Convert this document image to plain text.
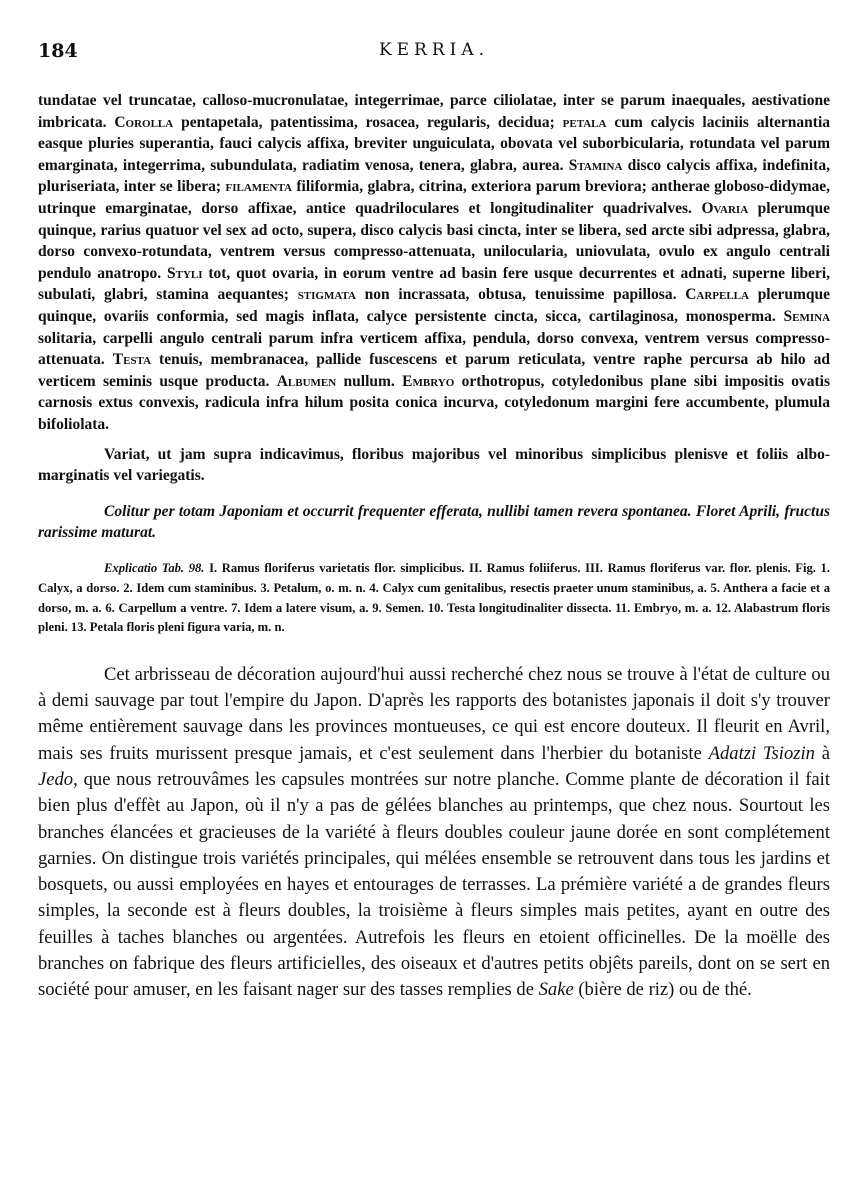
184	KERRIA.

tundatae vel truncatae, calloso-mucronulatae, integerrimae, parce ciliolatae, inter se parum inaequales, aestivatione imbricata. Corolla pentapetala, patentissima, rosacea, regularis, decidua; petala cum calycis laciniis alternantia easque pluries superantia, fauci calycis affixa, breviter unguiculata, obovata vel suborbicularia, rotundata vel parum emarginata, integerrima, subundulata, radiatim venosa, tenera, glabra, aurea. Stamina disco calycis affixa, indefinita, pluriseriata, inter se libera; filamenta filiformia, glabra, citrina, exteriora parum breviora; antherae globoso-didymae, utrinque emarginatae, dorso affixae, antice quadriloculares et longitudinaliter quadrivalves. Ovaria plerumque quinque, rarius quatuor vel sex ad octo, supera, disco calycis basi cincta, inter se libera, sed arcte sibi adpressa, glabra, dorso convexo-rotundata, ventrem versus compresso-attenuata, unilocularia, uniovulata, ovulo ex angulo centrali pendulo anatropo. Styli tot, quot ovaria, in eorum ventre ad basin fere usque decurrentes et adnati, superne liberi, subulati, glabri, stamina aequantes; stigmata non incrassata, obtusa, tenuissime papillosa. Carpella plerumque quinque, ovariis conformia, sed magis inflata, calyce persistente cincta, sicca, cartilaginosa, monosperma. Semina solitaria, carpelli angulo centrali parum infra verticem affixa, pendula, dorso convexa, ventrem versus compresso-attenuata. Testa tenuis, membranacea, pallide fuscescens et parum reticulata, ventre raphe percursa ab hilo ad verticem seminis usque producta. Albumen nullum. Embryo orthotropus, cotyledonibus plane sibi impositis ovatis carnosis extus convexis, radicula infra hilum posita conica incurva, cotyledonum margini fere accumbente, plumula bifoliolata.

Variat, ut jam supra indicavimus, floribus majoribus vel minoribus simplicibus plenisve et foliis albo-marginatis vel variegatis.

Colitur per totam Japoniam et occurrit frequenter efferata, nullibi tamen revera spontanea. Floret Aprili, fructus rarissime maturat.

Explicatio Tab. 98. I. Ramus floriferus varietatis flor. simplicibus. II. Ramus foliiferus. III. Ramus floriferus var. flor. plenis. Fig. 1. Calyx, a dorso. 2. Idem cum staminibus. 3. Petalum, o. m. n. 4. Calyx cum genitalibus, resectis praeter unum staminibus, a. 5. Anthera a facie et a dorso, m. a. 6. Carpellum a ventre. 7. Idem a latere visum, a. 9. Semen. 10. Testa longitudinaliter dissecta. 11. Embryo, m. a. 12. Alabastrum floris pleni. 13. Petala floris pleni figura varia, m. n.

Cet arbrisseau de décoration aujourd'hui aussi recherché chez nous se trouve à l'état de culture ou à demi sauvage par tout l'empire du Japon. D'après les rapports des botanistes japonais il doit s'y trouver même entièrement sauvage dans les provinces montueuses, ce qui est encore douteux. Il fleurit en Avril, mais ses fruits murissent presque jamais, et c'est seulement dans l'herbier du botaniste Adatzi Tsiozin à Jedo, que nous retrouvâmes les capsules montrées sur notre planche. Comme plante de décoration il fait bien plus d'effèt au Japon, où il n'y a pas de gélées blanches au printemps, que chez nous. Sourtout les branches élancées et gracieuses de la variété à fleurs doubles couleur jaune dorée en sont complétement garnies. On distingue trois variétés principales, qui mélées ensemble se retrouvent dans tous les jardins et bosquets, ou aussi employées en hayes et entourages de terrasses. La prémière variété a de grandes fleurs simples, la seconde est à fleurs doubles, la troisième à fleurs simples mais petites, ayant en outre des feuilles à taches blanches ou argentées. Autrefois les fleurs en etoient officinelles. De la moëlle des branches on fabrique des fleurs artificielles, des oiseaux et d'autres petits objêts pareils, dont on se sert en société pour amuser, en les faisant nager sur des tasses remplies de Sake (bière de riz) ou de thé.
